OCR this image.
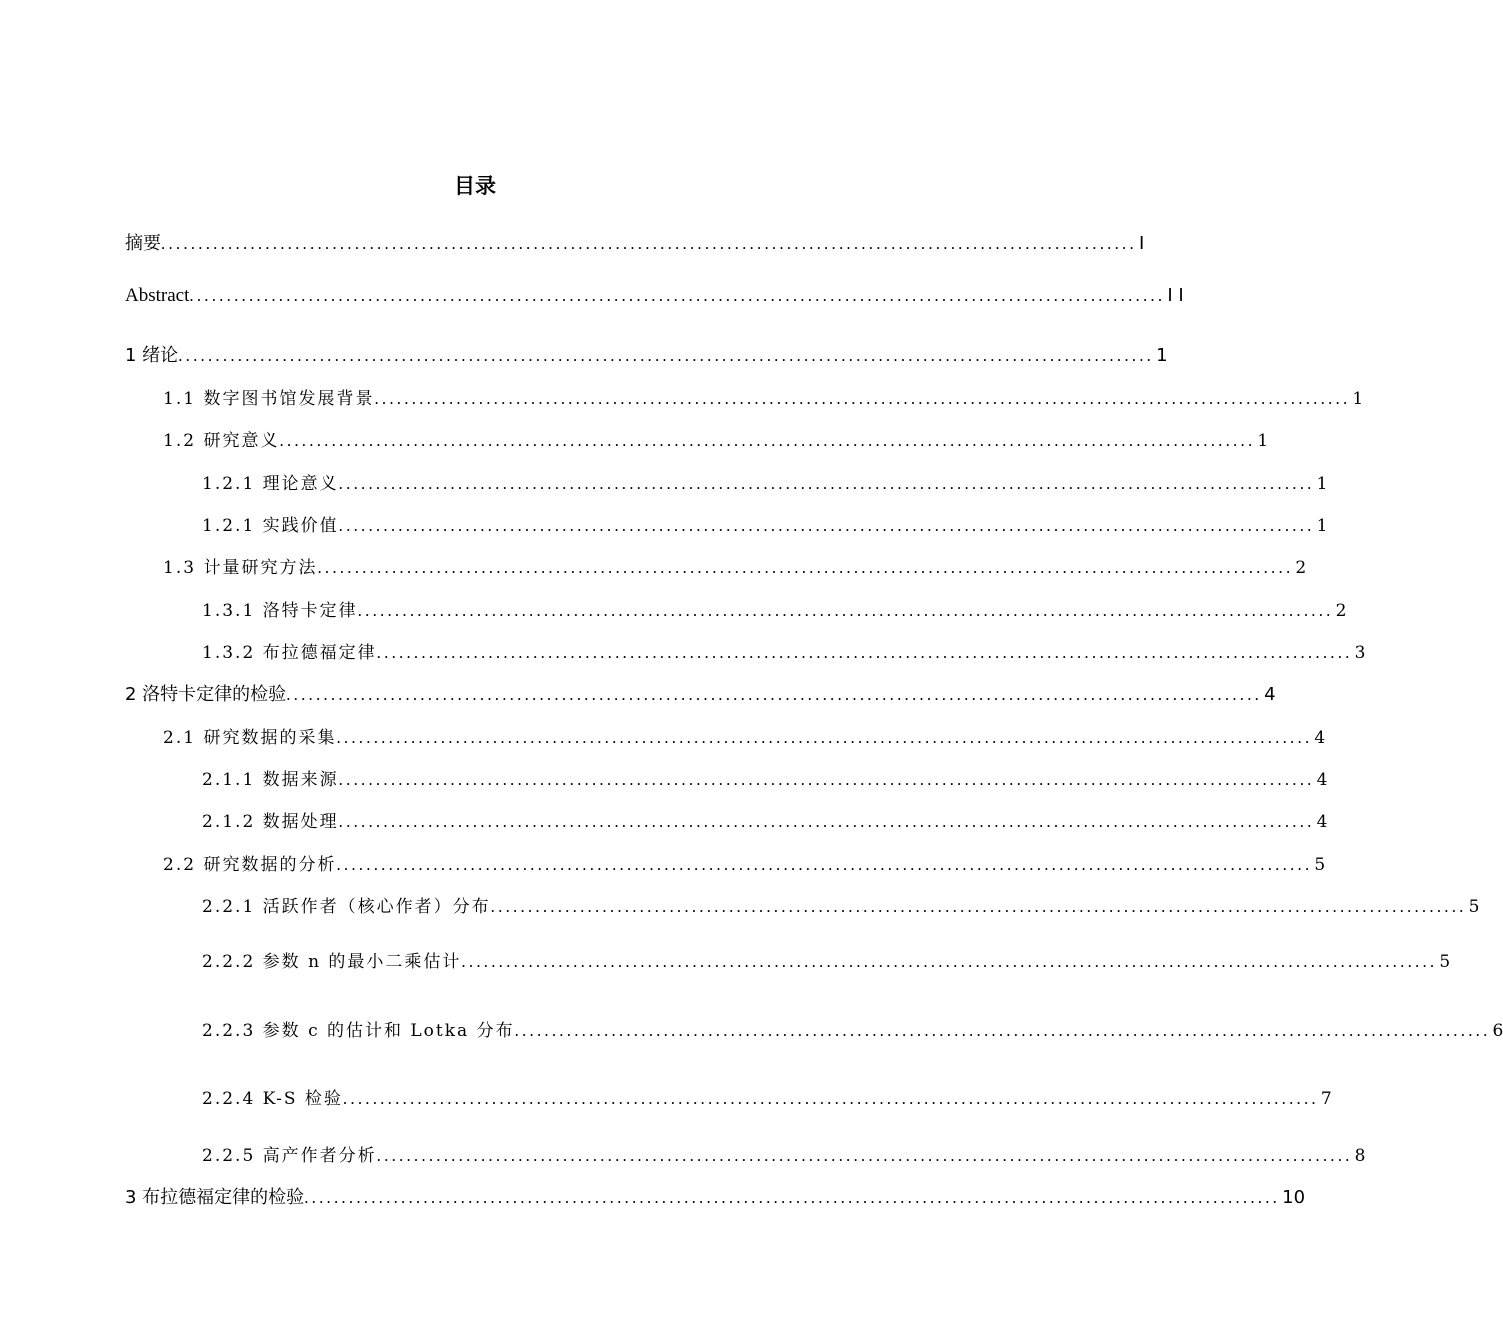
目录
摘要 ................................................................................................................................... I
Abstract ................................................................................................................................... I I
1 绪论 ................................................................................................................................... 1
1.1 数字图书馆发展背景 ................................................................................................................................... 1
1.2 研究意义 ................................................................................................................................... 1
1.2.1 理论意义 ................................................................................................................................... 1
1.2.1 实践价值 ................................................................................................................................... 1
1.3 计量研究方法 ................................................................................................................................... 2
1.3.1 洛特卡定律 ................................................................................................................................... 2
1.3.2 布拉德福定律 ................................................................................................................................... 3
2 洛特卡定律的检验 ................................................................................................................................... 4
2.1 研究数据的采集 ................................................................................................................................... 4
2.1.1 数据来源 ................................................................................................................................... 4
2.1.2 数据处理 ................................................................................................................................... 4
2.2 研究数据的分析 ................................................................................................................................... 5
2.2.1 活跃作者（核心作者）分布 ................................................................................................................................... 5
2.2.2 参数 n 的最小二乘估计 ................................................................................................................................... 5
2.2.3 参数 c 的估计和 Lotka 分布 ................................................................................................................................... 6
2.2.4 K-S 检验 ................................................................................................................................... 7
2.2.5 高产作者分析 ................................................................................................................................... 8
3 布拉德福定律的检验 ................................................................................................................................... 10
